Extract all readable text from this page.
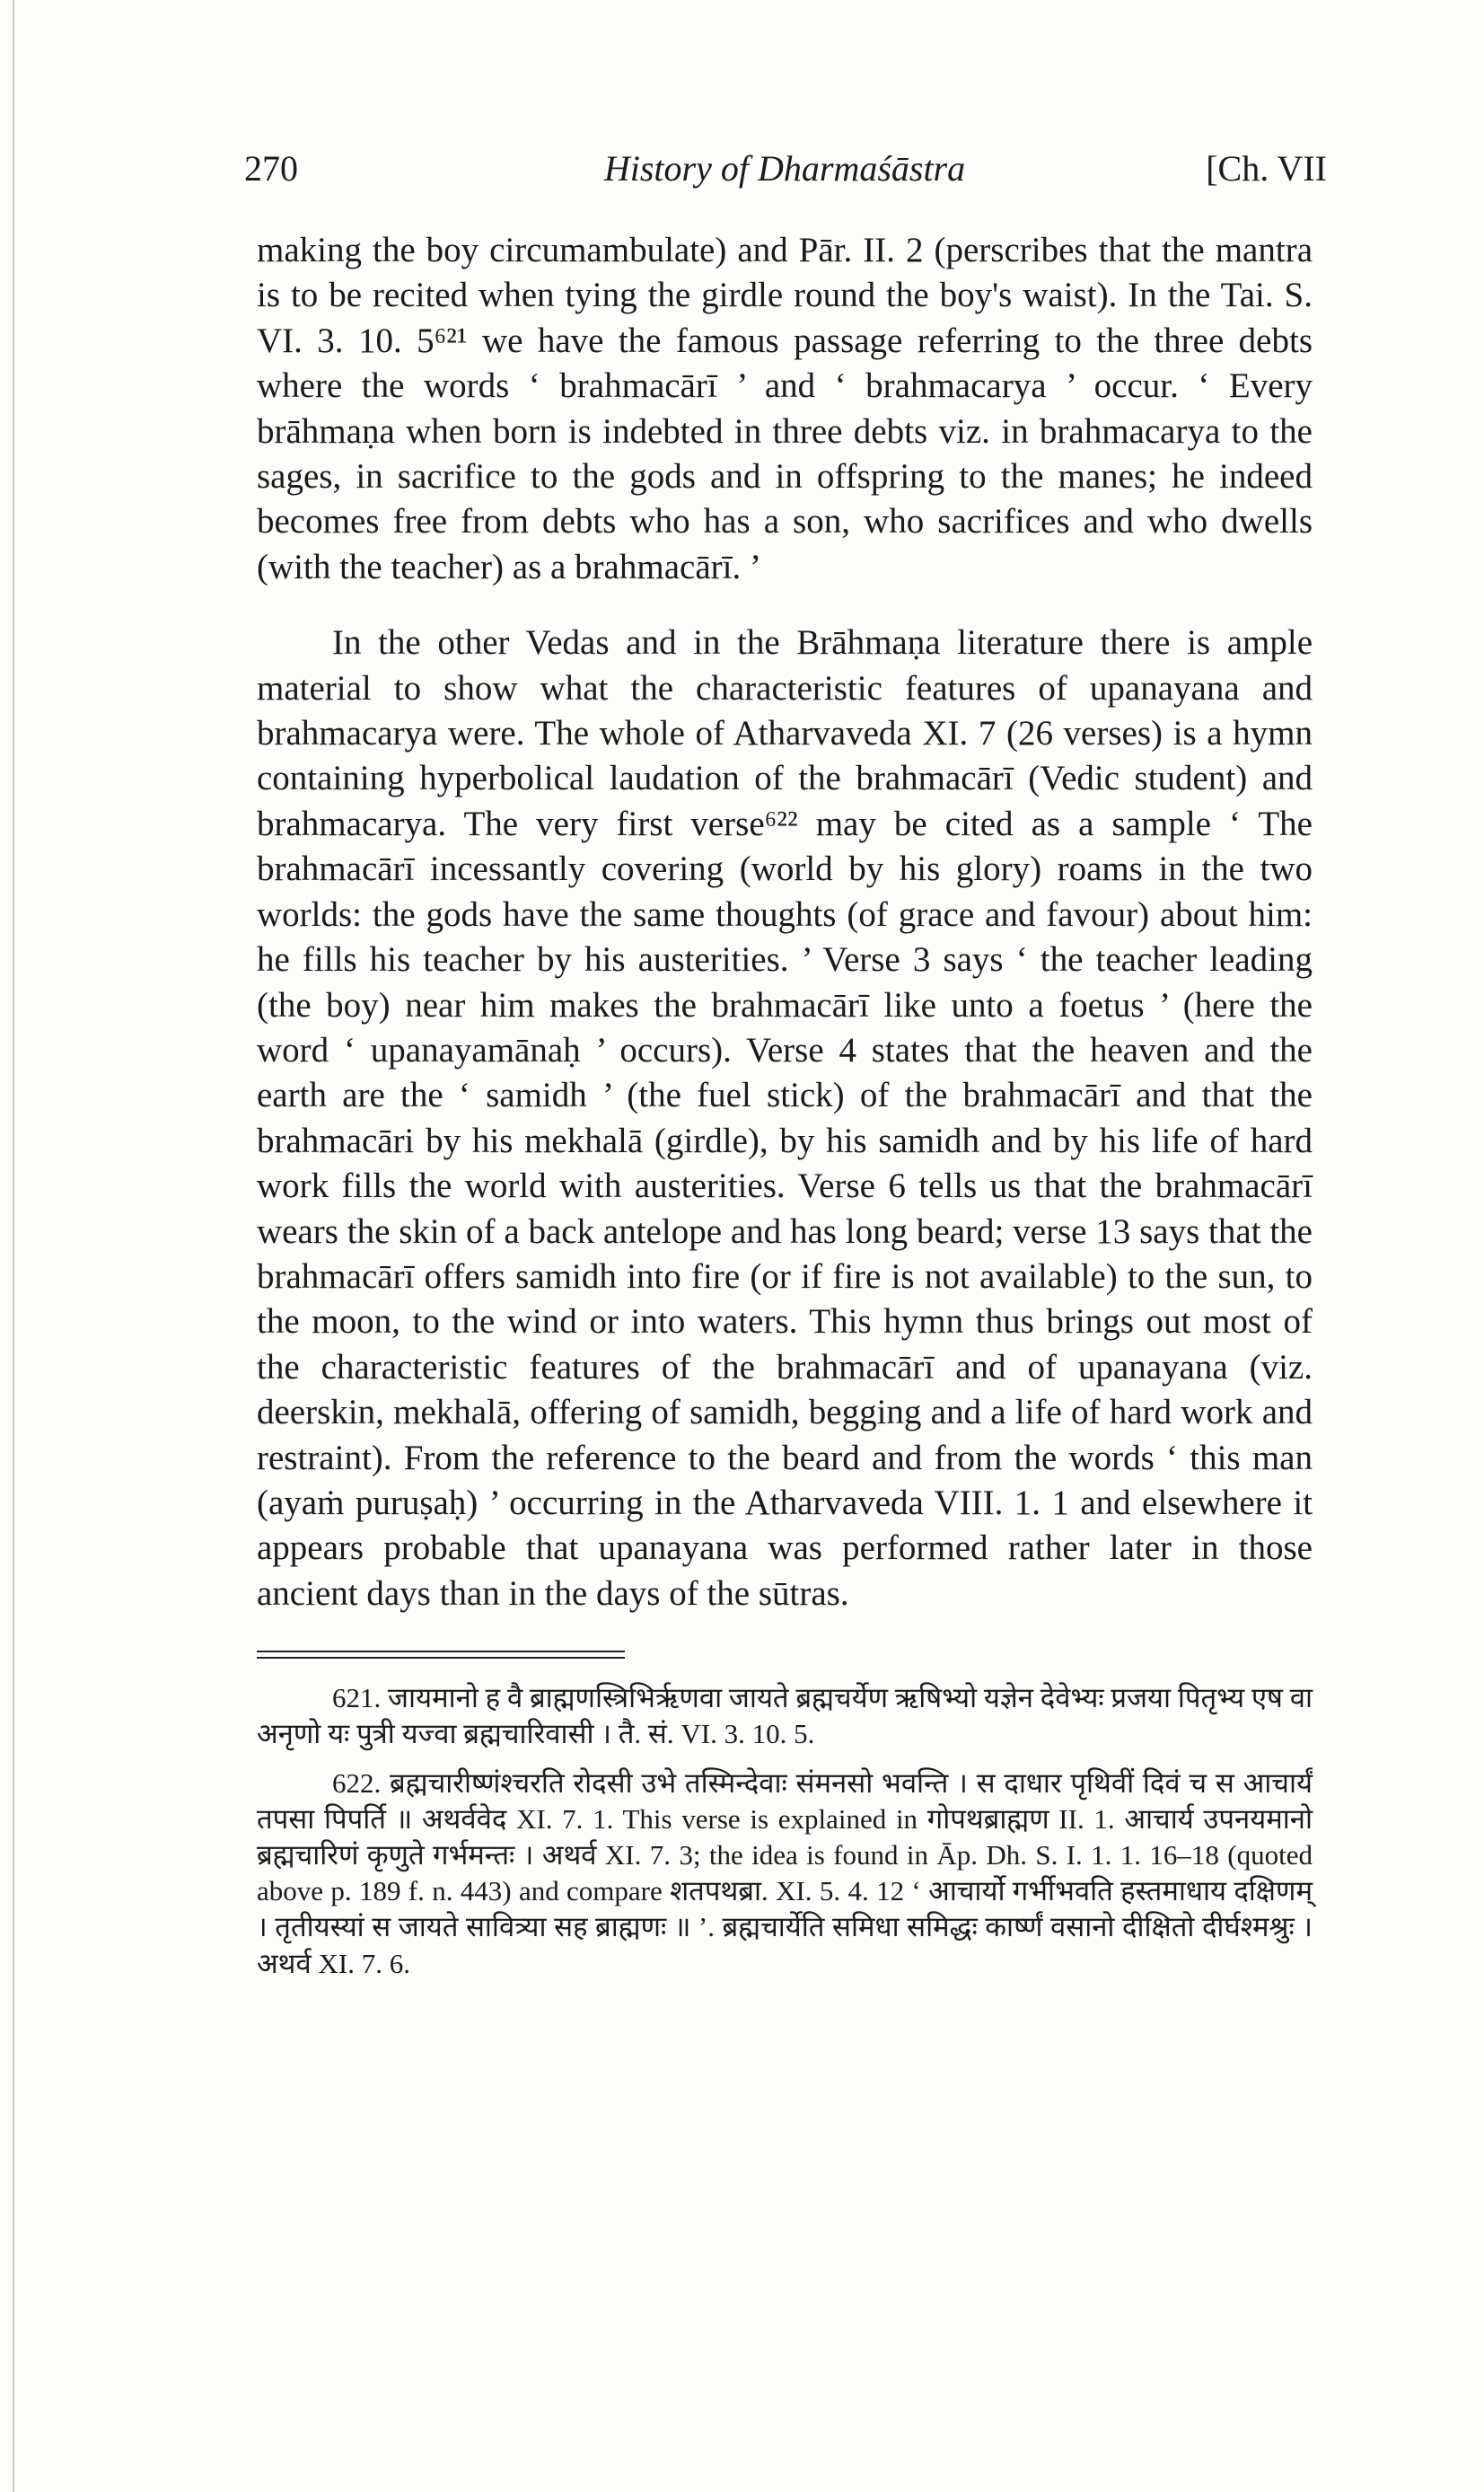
270	History of Dharmaśāstra	[Ch. VII

making the boy circumambulate) and Pār. II. 2 (perscribes that the mantra is to be recited when tying the girdle round the boy's waist). In the Tai. S. VI. 3. 10. 5⁶²¹ we have the famous passage referring to the three debts where the words ‘ brahmacārī ’ and ‘ brahmacarya ’ occur. ‘ Every brāhmaṇa when born is indebted in three debts viz. in brahmacarya to the sages, in sacrifice to the gods and in offspring to the manes; he indeed becomes free from debts who has a son, who sacrifices and who dwells (with the teacher) as a brahmacārī. ’

In the other Vedas and in the Brāhmaṇa literature there is ample material to show what the characteristic features of upanayana and brahmacarya were. The whole of Atharvaveda XI. 7 (26 verses) is a hymn containing hyperbolical laudation of the brahmacārī (Vedic student) and brahmacarya. The very first verse⁶²² may be cited as a sample ‘ The brahmacārī incessantly covering (world by his glory) roams in the two worlds: the gods have the same thoughts (of grace and favour) about him: he fills his teacher by his austerities. ’ Verse 3 says ‘ the teacher leading (the boy) near him makes the brahmacārī like unto a foetus ’ (here the word ‘ upanayamānaḥ ’ occurs). Verse 4 states that the heaven and the earth are the ‘ samidh ’ (the fuel stick) of the brahmacārī and that the brahmacāri by his mekhalā (girdle), by his samidh and by his life of hard work fills the world with austerities. Verse 6 tells us that the brahmacārī wears the skin of a back antelope and has long beard; verse 13 says that the brahmacārī offers samidh into fire (or if fire is not available) to the sun, to the moon, to the wind or into waters. This hymn thus brings out most of the characteristic features of the brahmacārī and of upanayana (viz. deerskin, mekhalā, offering of samidh, begging and a life of hard work and restraint). From the reference to the beard and from the words ‘ this man (ayaṁ puruṣaḥ) ’ occurring in the Atharvaveda VIII. 1. 1 and elsewhere it appears probable that upanayana was performed rather later in those ancient days than in the days of the sūtras.

621. जायमानो ह वै ब्राह्मणस्त्रिभिर्ऋणवा जायते ब्रह्मचर्येण ऋषिभ्यो यज्ञेन देवेभ्यः प्रजया पितृभ्य एष वा अनृणो यः पुत्री यज्वा ब्रह्मचारिवासी । तै. सं. VI. 3. 10. 5.

622. ब्रह्मचारीष्णंश्चरति रोदसी उभे तस्मिन्देवाः संमनसो भवन्ति । स दाधार पृथिवीं दिवं च स आचार्यं तपसा पिपर्ति ॥ अथर्ववेद XI. 7. 1. This verse is explained in गोपथब्राह्मण II. 1. आचार्य उपनयमानो ब्रह्मचारिणं कृणुते गर्भमन्तः । अथर्व XI. 7. 3; the idea is found in Āp. Dh. S. I. 1. 1. 16–18 (quoted above p. 189 f. n. 443) and compare शतपथब्रा. XI. 5. 4. 12 ‘ आचार्यो गर्भीभवति हस्तमाधाय दक्षिणम् । तृतीयस्यां स जायते सावित्र्या सह ब्राह्मणः ॥ ’. ब्रह्मचार्येति समिधा समिद्धः कार्ष्णं वसानो दीक्षितो दीर्घश्मश्रुः । अथर्व XI. 7. 6.
